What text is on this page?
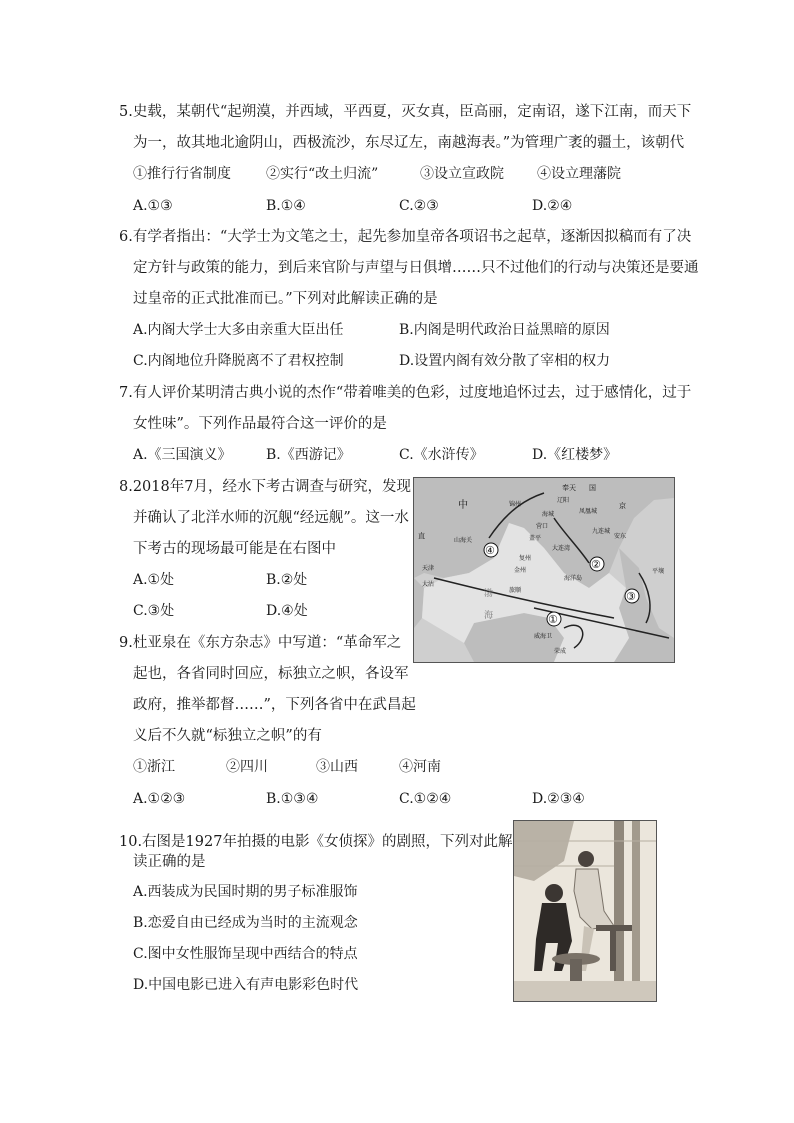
5.史载，某朝代“起朔漠，并西域，平西夏，灭女真，臣高丽，定南诏，遂下江南，而天下
为一，故其地北逾阴山，西极流沙，东尽辽左，南越海表。”为管理广袤的疆土，该朝代
①推行行省制度	②实行“改土归流”	③设立宣政院 ④设立理藩院
A.①③	B.①④	C.②③	D.②④
6.有学者指出：“大学士为文笔之士，起先参加皇帝各项诏书之起草，逐渐因拟稿而有了决
定方针与政策的能力，到后来官阶与声望与日俱增……只不过他们的行动与决策还是要通
过皇帝的正式批准而已。”下列对此解读正确的是
A.内阁大学士大多由亲重大臣出任	B.内阁是明代政治日益黑暗的原因
C.内阁地位升降脱离不了君权控制	D.设置内阁有效分散了宰相的权力
7.有人评价某明清古典小说的杰作“带着唯美的色彩，过度地追怀过去，过于感情化，过于
女性味”。下列作品最符合这一评价的是
A.《三国演义》 B.《西游记》	C.《水浒传》	D.《红楼梦》
8.2018年7月，经水下考古调查与研究，发现
并确认了北洋水师的沉舰“经远舰”。这一水
下考古的现场最可能是在右图中
A.①处	B.②处
C.③处	D.④处
中
奉天 国
京
直
渤
海
天津
大沽
山海关
锦州
辽阳
海城
营口
盖平
复州
金州
旅顺
大连湾
凤凰城
九连城
安东
海洋岛
威海卫
荣成
平壤
①
②
③
④
9.杜亚泉在《东方杂志》中写道：“革命军之
起也，各省同时回应，标独立之帜，各设军
政府，推举都督……”，下列各省中在武昌起
义后不久就“标独立之帜”的有
①浙江	②四川	③山西	④河南
A.①②③	B.①③④	C.①②④	D.②③④
10.右图是1927年拍摄的电影《女侦探》的剧照，下列对此解
读正确的是
A.西装成为民国时期的男子标准服饰
B.恋爱自由已经成为当时的主流观念
C.图中女性服饰呈现中西结合的特点
D.中国电影已进入有声电影彩色时代
